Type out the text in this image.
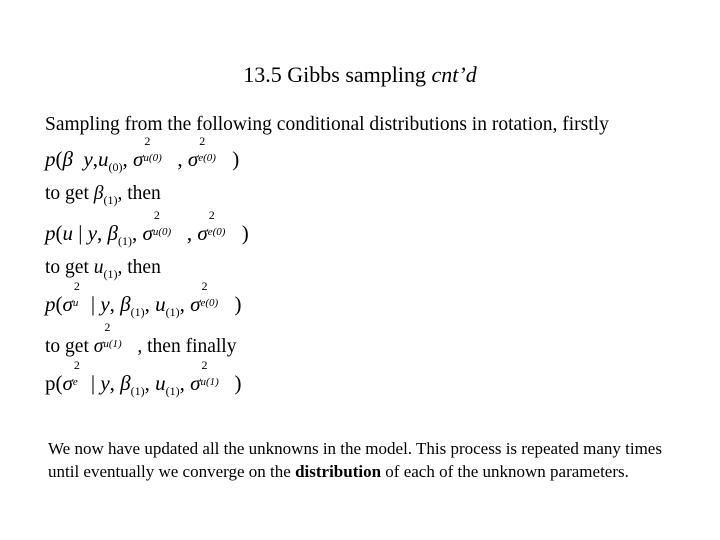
13.5 Gibbs sampling cnt’d
Sampling from the following conditional distributions in rotation, firstly
p(β $y,u_{(0)}$, σ
2
u(0) , σ
2
e(0) )
to get $\beta_{(1)}$, then
p(u | y, $\beta_{(1)}$, σ
2
u(0) , σ
2
e(0) )
to get $u_{(1)}$, then
p(σ
2
u | y, $\beta_{(1)}$, $u_{(1)}$, σ
2
e(0) )
to get σ
2
u(1) , then finally
p(σ
2
e | y, $\beta_{(1)}$, $u_{(1)}$, σ
2
u(1) )
We now have updated all the unknowns in the model. This process is repeated many times until eventually we converge on the distribution of each of the unknown parameters.
